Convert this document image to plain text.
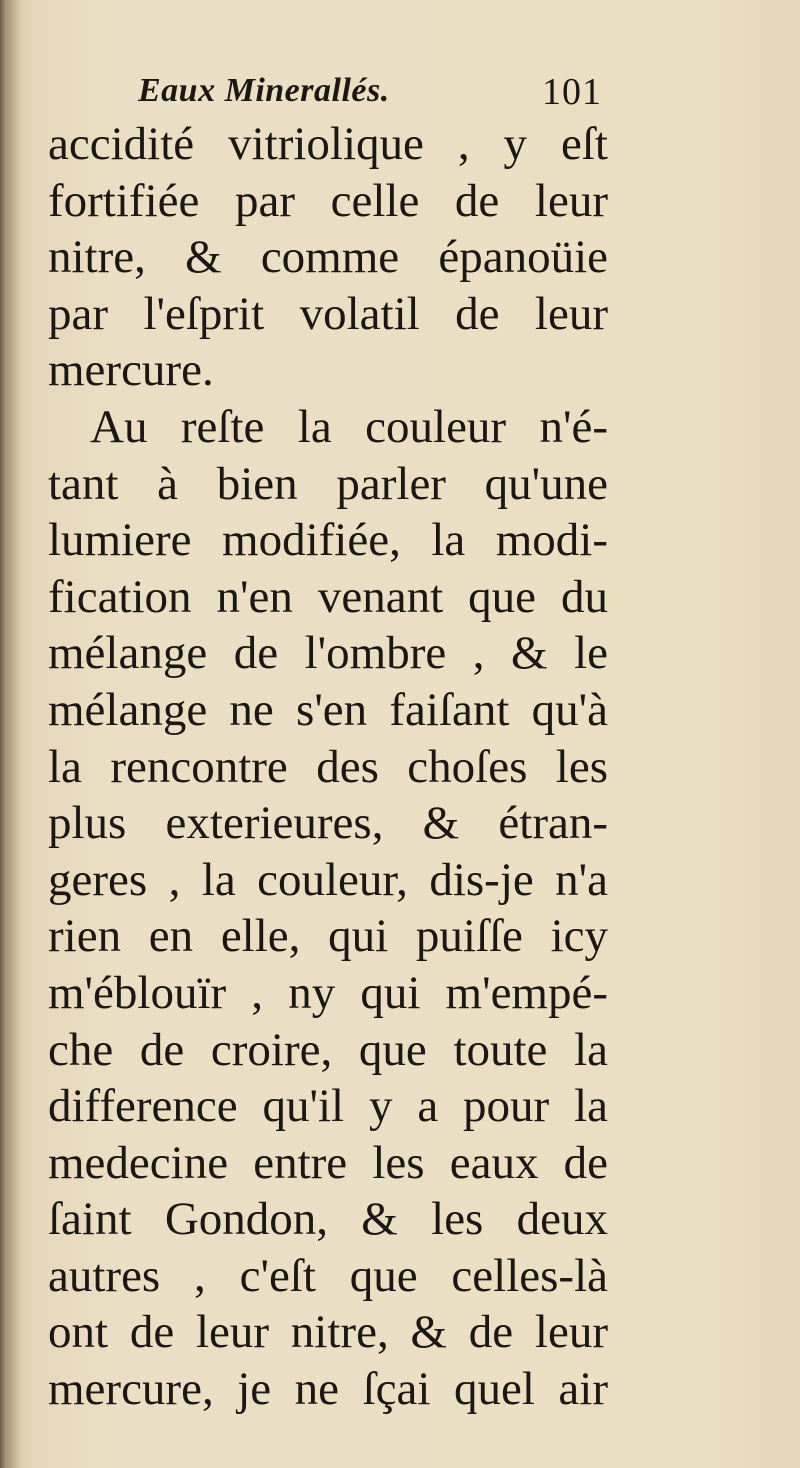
Eaux Minerallés.	101
accidité vitriolique , y eſt
fortifiée par celle de leur
nitre, & comme épanoüie
par l'eſprit volatil de leur
mercure.
Au reſte la couleur n'é-
tant à bien parler qu'une
lumiere modifiée, la modi-
fication n'en venant que du
mélange de l'ombre , & le
mélange ne s'en faiſant qu'à
la rencontre des choſes les
plus exterieures, & étran-
geres , la couleur, dis-je n'a
rien en elle, qui puiſſe icy
m'éblouïr , ny qui m'empé-
che de croire, que toute la
difference qu'il y a pour la
medecine entre les eaux de
ſaint Gondon, & les deux
autres , c'eſt que celles-là
ont de leur nitre, & de leur
mercure, je ne ſçai quel air
